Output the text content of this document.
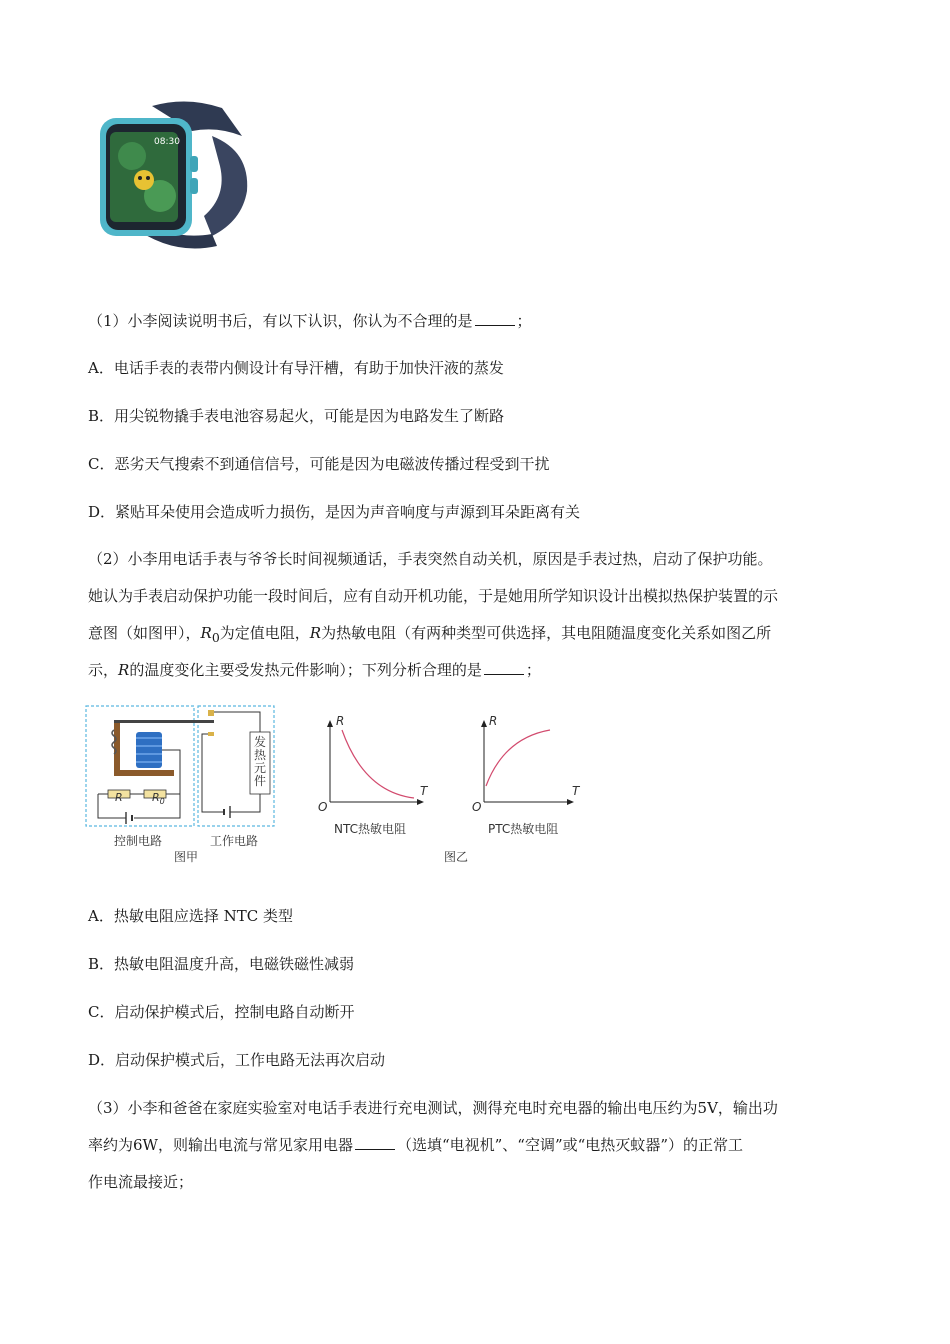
08:30
（1）小李阅读说明书后，有以下认识，你认为不合理的是	；
A．电话手表的表带内侧设计有导汗槽，有助于加快汗液的蒸发
B．用尖锐物撬手表电池容易起火，可能是因为电路发生了断路
C．恶劣天气搜索不到通信信号，可能是因为电磁波传播过程受到干扰
D．紧贴耳朵使用会造成听力损伤，是因为声音响度与声源到耳朵距离有关
（2）小李用电话手表与爷爷长时间视频通话，手表突然自动关机，原因是手表过热，启动了保护功能。
她认为手表启动保护功能一段时间后，应有自动开机功能，于是她用所学知识设计出模拟热保护装置的示
意图（如图甲），$R_0$为定值电阻，R为热敏电阻（有两种类型可供选择，其电阻随温度变化关系如图乙所
示，R的温度变化主要受发热元件影响）；下列分析合理的是	；
发热元件
R	$R_0$
控制电路	工作电路
图甲
R
T
O
NTC热敏电阻
R
T
O
PTC热敏电阻
图乙
A．热敏电阻应选择 NTC 类型
B．热敏电阻温度升高，电磁铁磁性减弱
C．启动保护模式后，控制电路自动断开
D．启动保护模式后，工作电路无法再次启动
（3）小李和爸爸在家庭实验室对电话手表进行充电测试，测得充电时充电器的输出电压约为5V，输出功
率约为6W，则输出电流与常见家用电器	（选填“电视机”、“空调”或“电热灭蚊器”）的正常工
作电流最接近；
